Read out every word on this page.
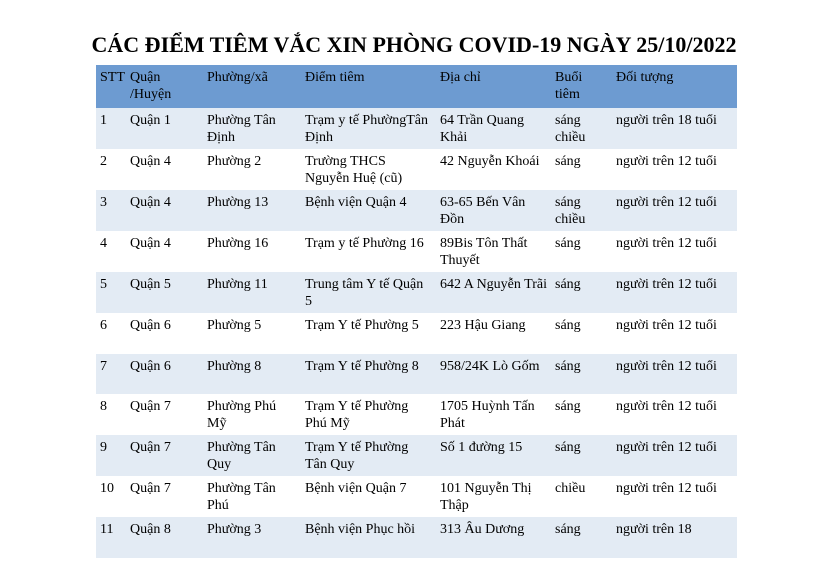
CÁC ĐIỂM TIÊM VẮC XIN PHÒNG COVID-19 NGÀY 25/10/2022
STT	Quận /Huyện	Phường/xã	Điểm tiêm	Địa chỉ	Buổi tiêm	Đối tượng
1	Quận 1	Phường Tân Định	Trạm y tế PhườngTân Định	64 Trần Quang Khải	sáng chiều	người trên 18 tuổi
2	Quận 4	Phường 2	Trường THCS Nguyễn Huệ (cũ)	42 Nguyễn Khoái	sáng	người trên 12 tuổi
3	Quận 4	Phường 13	Bệnh viện Quận 4	63-65 Bến Vân Đồn	sáng chiều	người trên 12 tuổi
4	Quận 4	Phường 16	Trạm y tế Phường 16	89Bis Tôn Thất Thuyết	sáng	người trên 12 tuổi
5	Quận 5	Phường 11	Trung tâm Y tế Quận 5	642 A Nguyễn Trãi	sáng	người trên 12 tuổi
6	Quận 6	Phường 5	Trạm Y tế Phường 5	223 Hậu Giang	sáng	người trên 12 tuổi
7	Quận 6	Phường 8	Trạm Y tế Phường 8	958/24K Lò Gốm	sáng	người trên 12 tuổi
8	Quận 7	Phường Phú Mỹ	Trạm Y tế Phường Phú Mỹ	1705 Huỳnh Tấn Phát	sáng	người trên 12 tuổi
9	Quận 7	Phường Tân Quy	Trạm Y tế Phường Tân Quy	Số 1 đường 15	sáng	người trên 12 tuổi
10	Quận 7	Phường Tân Phú	Bệnh viện Quận 7	101 Nguyễn Thị Thập	chiều	người trên 12 tuổi
11	Quận 8	Phường 3	Bệnh viện Phục hồi	313 Âu Dương	sáng	người trên 18
